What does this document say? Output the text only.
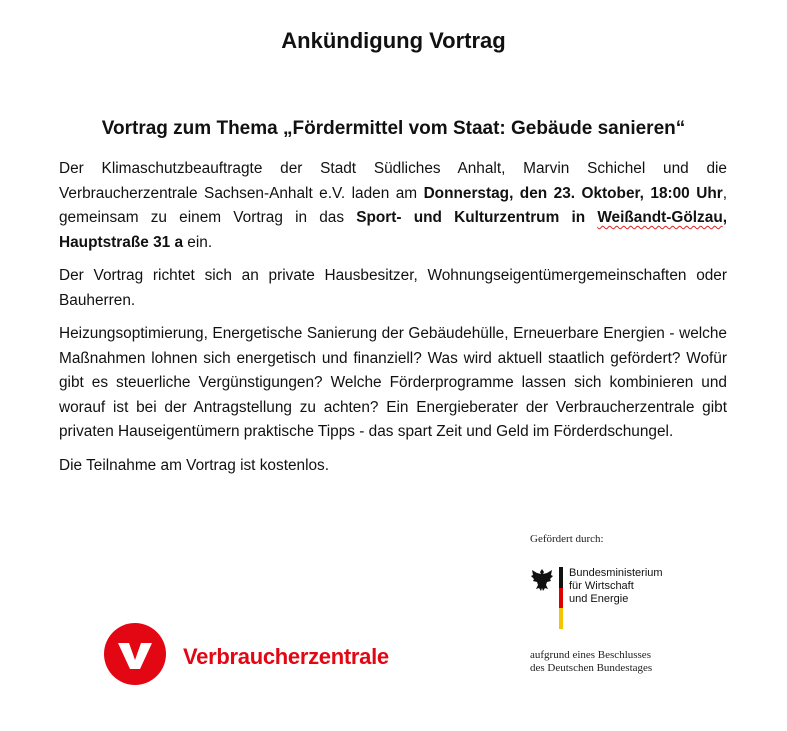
Ankündigung Vortrag
Vortrag zum Thema „Fördermittel vom Staat: Gebäude sanieren“

Der Klimaschutzbeauftragte der Stadt Südliches Anhalt, Marvin Schichel und die Verbraucherzentrale Sachsen-Anhalt e.V. laden am Donnerstag, den 23. Oktober, 18:00 Uhr, gemeinsam zu einem Vortrag in das Sport- und Kulturzentrum in Weißandt-Gölzau, Hauptstraße 31 a ein.

Der Vortrag richtet sich an private Hausbesitzer, Wohnungseigentümergemeinschaften oder Bauherren.

Heizungsoptimierung, Energetische Sanierung der Gebäudehülle, Erneuerbare Energien - welche Maßnahmen lohnen sich energetisch und finanziell? Was wird aktuell staatlich gefördert? Wofür gibt es steuerliche Vergünstigungen? Welche Förderprogramme lassen sich kombinieren und worauf ist bei der Antragstellung zu achten? Ein Energieberater der Verbraucherzentrale gibt privaten Hauseigentümern praktische Tipps - das spart Zeit und Geld im Förderdschungel.

Die Teilnahme am Vortrag ist kostenlos.

Gefördert durch:
Bundesministerium
für Wirtschaft
und Energie
aufgrund eines Beschlusses
des Deutschen Bundestages
Verbraucherzentrale
